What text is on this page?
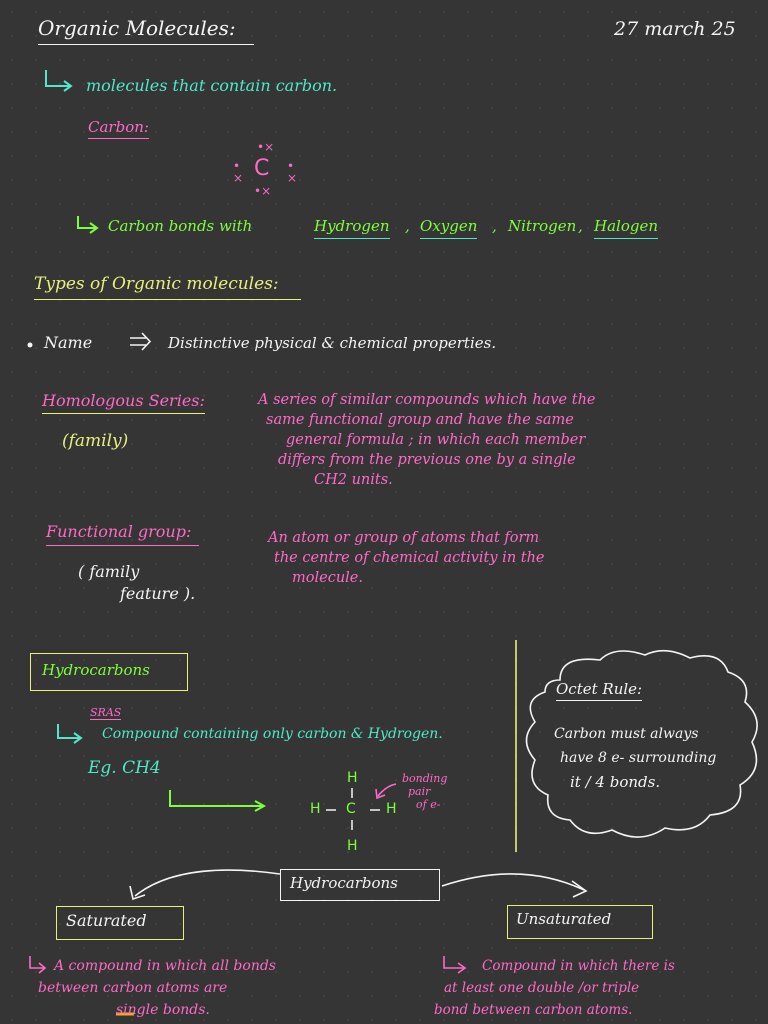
Organic Molecules:	27 march 25
molecules that contain carbon.
Carbon:
C
•×
•
×
•
×
•×
Carbon bonds with	Hydrogen , Oxygen , Nitrogen , Halogen
Types of Organic molecules:
Name	Distinctive physical & chemical properties.
Homologous Series:
(family)
A series of similar compounds which have the
same functional group and have the same
general formula ; in which each member
differs from the previous one by a single
CH2 units.
Functional group:
( family
feature ).
An atom or group of atoms that form
the centre of chemical activity in the
molecule.
Hydrocarbons
SRAS
Compound containing only carbon & Hydrogen.
Eg. CH4	H
H C H
H
bonding
pair
of e-
Octet Rule:
Carbon must always
have 8 e- surrounding
it / 4 bonds.
Hydrocarbons
Saturated	Unsaturated
A compound in which all bonds
between carbon atoms are
single bonds.
Compound in which there is
at least one double /or triple
bond between carbon atoms.
